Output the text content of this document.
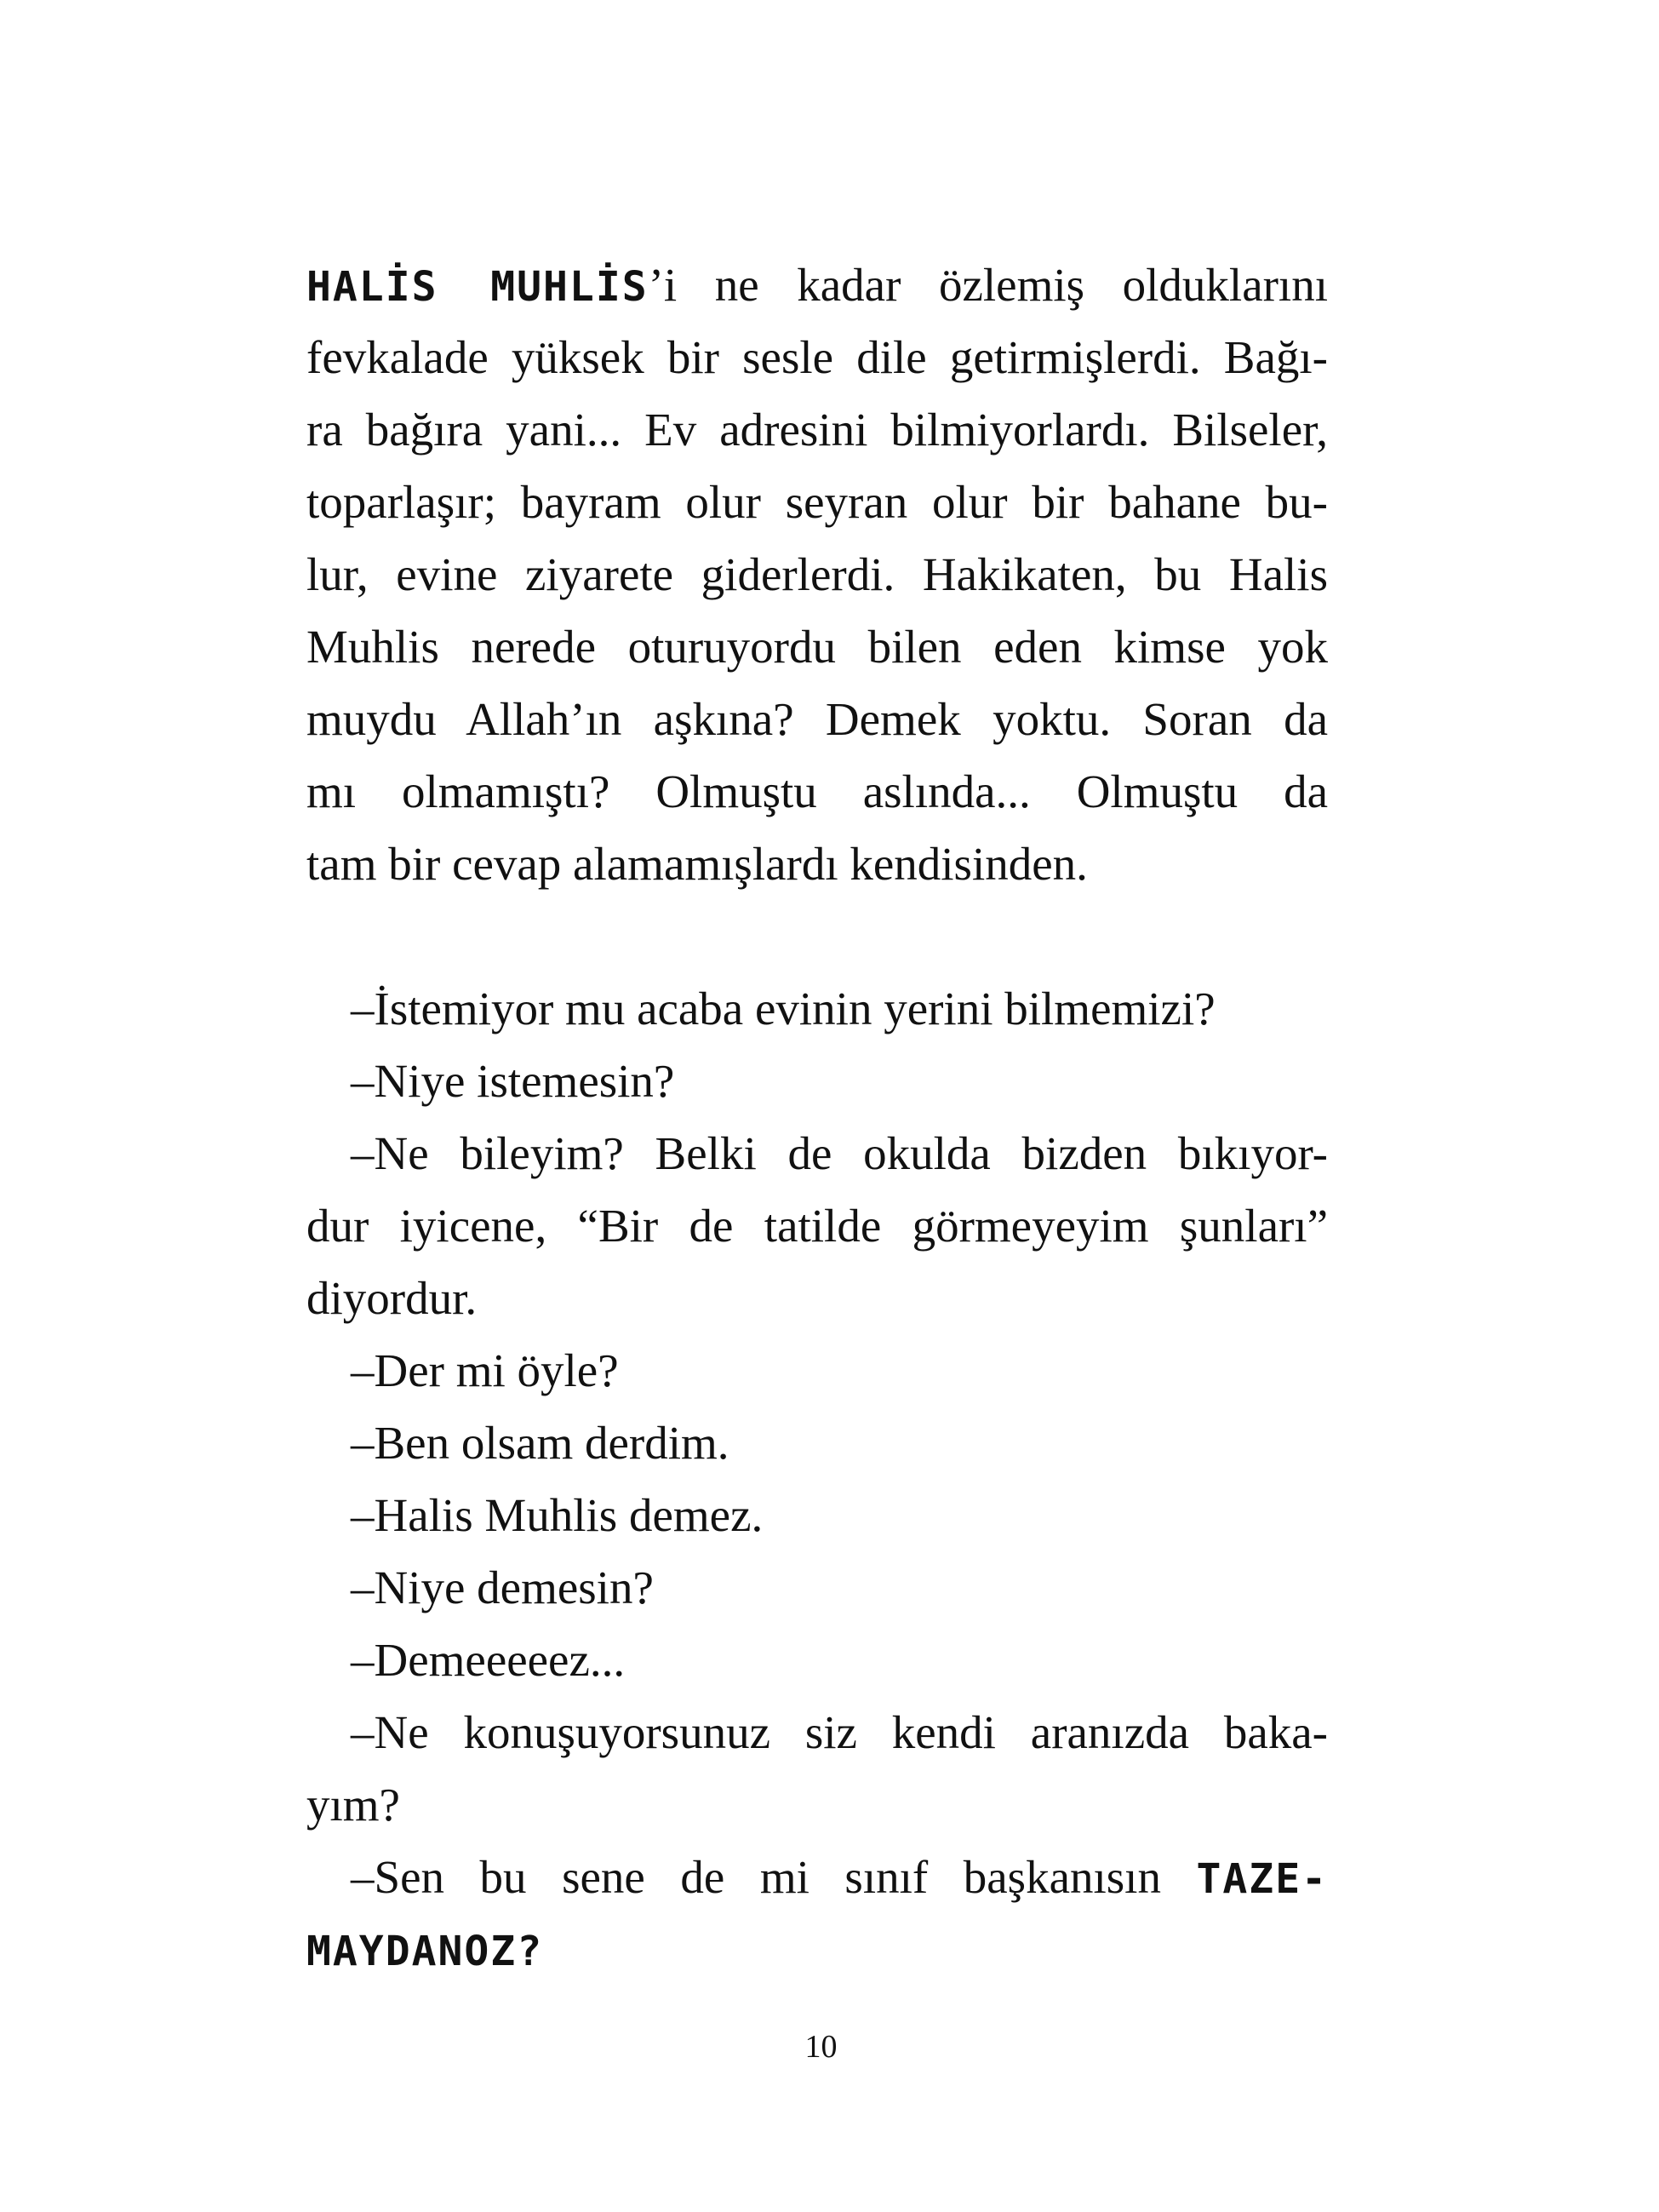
HALİS MUHLİS’i ne kadar özlemiş olduklarını
fevkalade yüksek bir sesle dile getirmişlerdi. Bağı-
ra bağıra yani... Ev adresini bilmiyorlardı. Bilseler,
toparlaşır; bayram olur seyran olur bir bahane bu-
lur, evine ziyarete giderlerdi. Hakikaten, bu Halis
Muhlis nerede oturuyordu bilen eden kimse yok
muydu Allah’ın aşkına? Demek yoktu. Soran da
mı olmamıştı? Olmuştu aslında... Olmuştu da
tam bir cevap alamamışlardı kendisinden.
–İstemiyor mu acaba evinin yerini bilmemizi?
–Niye istemesin?
–Ne bileyim? Belki de okulda bizden bıkıyor-
dur iyicene, “Bir de tatilde görmeyeyim şunları”
diyordur.
–Der mi öyle?
–Ben olsam derdim.
–Halis Muhlis demez.
–Niye demesin?
–Demeeeeez...
–Ne konuşuyorsunuz siz kendi aranızda baka-
yım?
–Sen bu sene de mi sınıf başkanısın TAZE-
MAYDANOZ?
10
